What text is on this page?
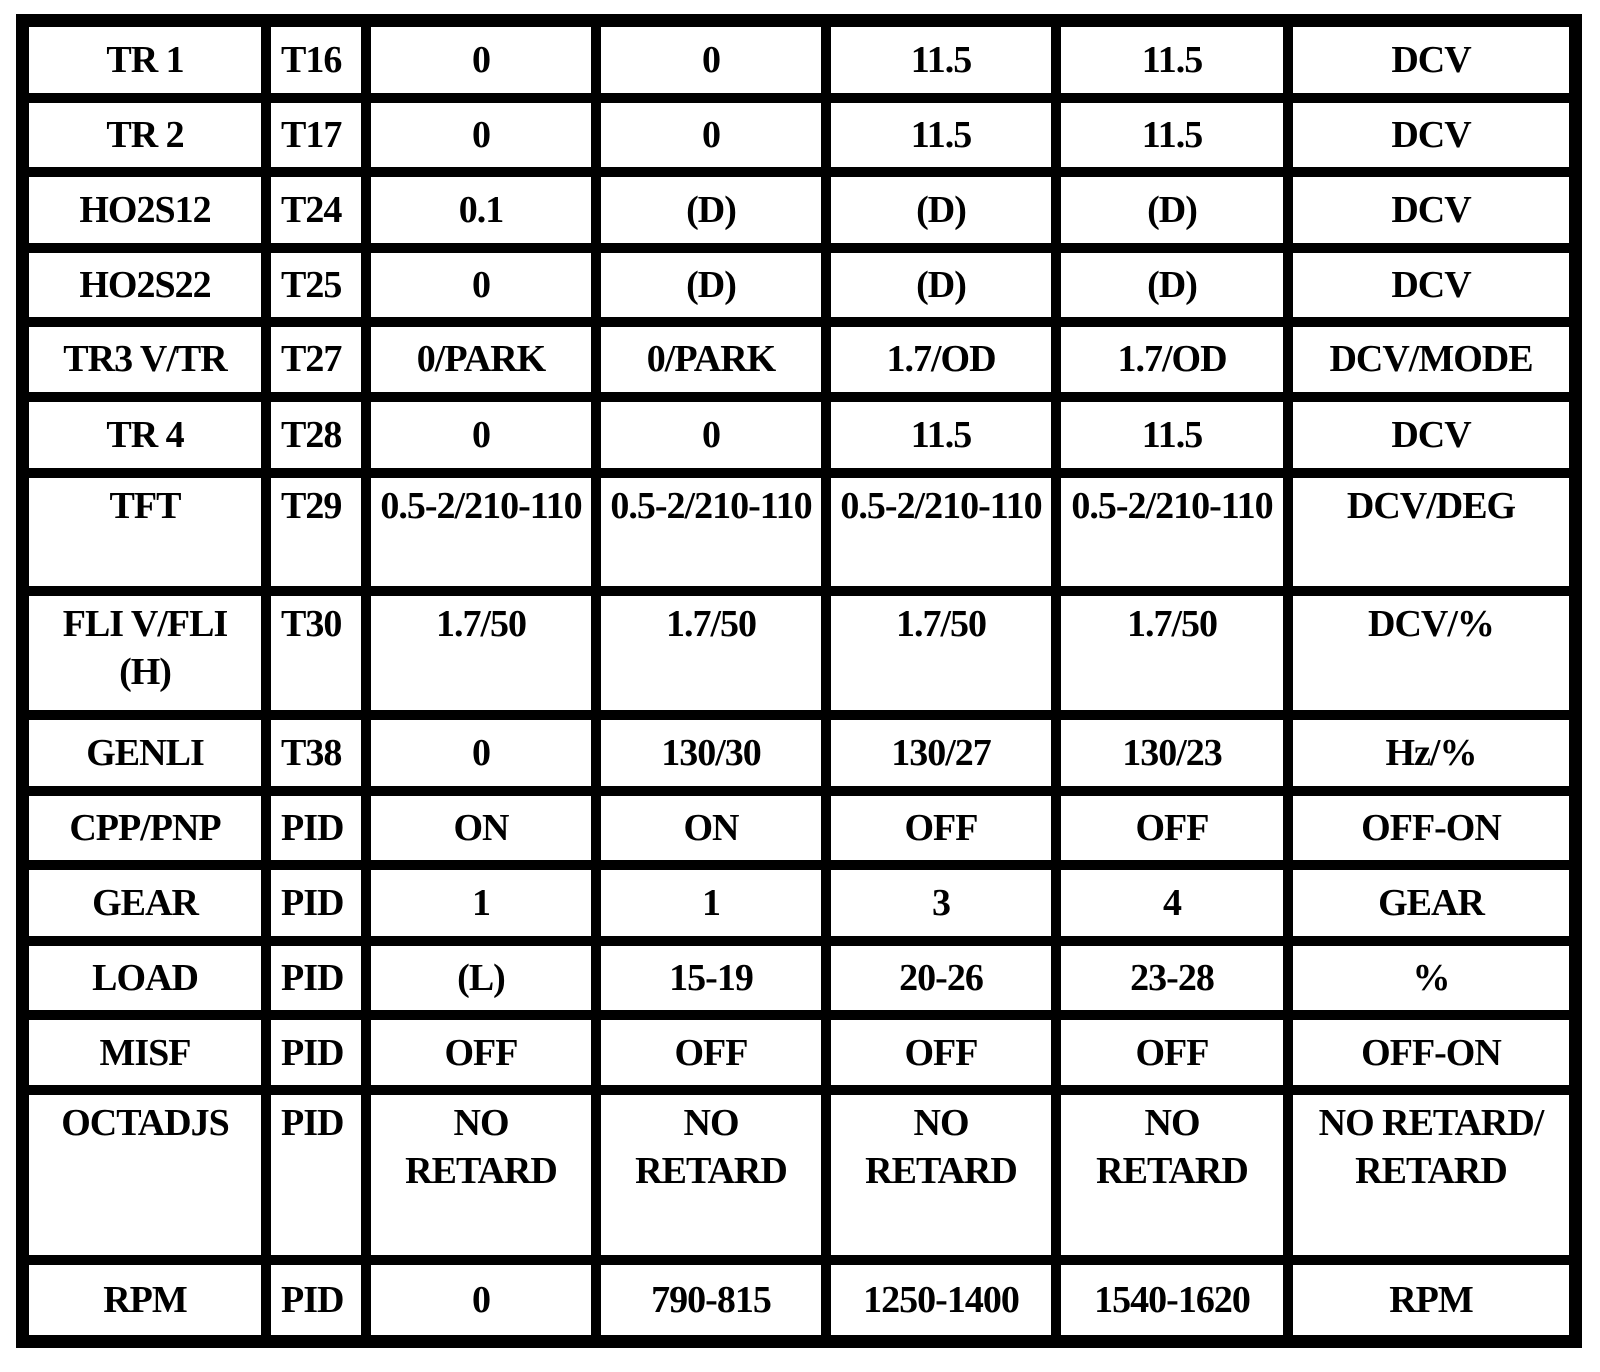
TR 1	T16	0	0	11.5	11.5	DCV
TR 2	T17	0	0	11.5	11.5	DCV
HO2S12	T24	0.1	(D)	(D)	(D)	DCV
HO2S22	T25	0	(D)	(D)	(D)	DCV
TR3 V/TR	T27	0/PARK	0/PARK	1.7/OD	1.7/OD	DCV/MODE
TR 4	T28	0	0	11.5	11.5	DCV
TFT	T29	0.5-2/210-110	0.5-2/210-110	0.5-2/210-110	0.5-2/210-110	DCV/DEG
FLI V/FLI (H)	T30	1.7/50	1.7/50	1.7/50	1.7/50	DCV/%
GENLI	T38	0	130/30	130/27	130/23	Hz/%
CPP/PNP	PID	ON	ON	OFF	OFF	OFF-ON
GEAR	PID	1	1	3	4	GEAR
LOAD	PID	(L)	15-19	20-26	23-28	%
MISF	PID	OFF	OFF	OFF	OFF	OFF-ON
OCTADJS	PID	NO RETARD	NO RETARD	NO RETARD	NO RETARD	NO RETARD/ RETARD
RPM	PID	0	790-815	1250-1400	1540-1620	RPM
